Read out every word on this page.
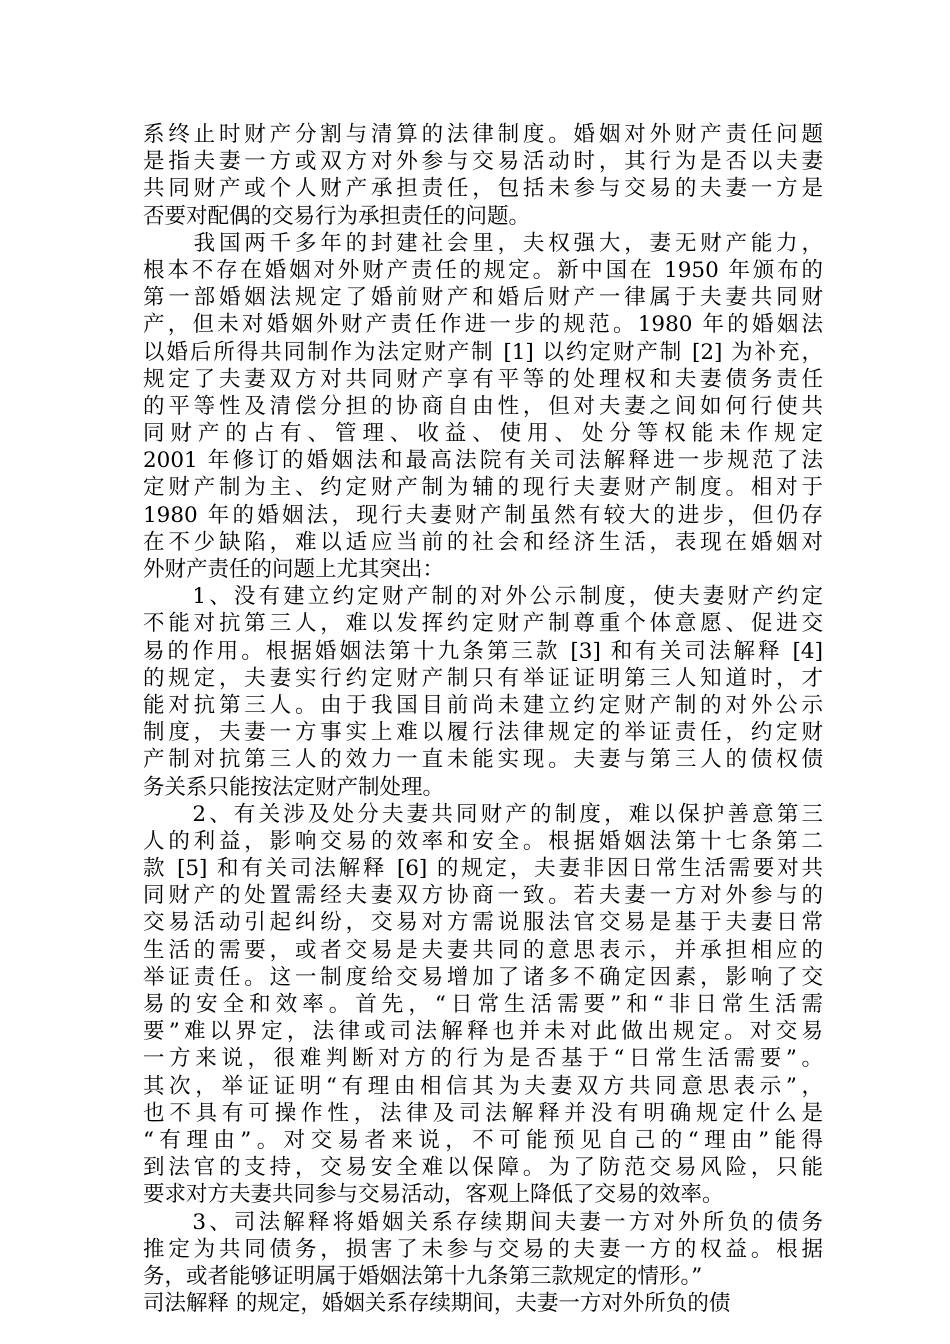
系终止时财产分割与清算的法律制度。婚姻对外财产责任问题
是指夫妻一方或双方对外参与交易活动时，其行为是否以夫妻
共同财产或个人财产承担责任，包括未参与交易的夫妻一方是
否要对配偶的交易行为承担责任的问题。
　　我国两千多年的封建社会里，夫权强大，妻无财产能力，
根本不存在婚姻对外财产责任的规定。新中国在 1950 年颁布的
第一部婚姻法规定了婚前财产和婚后财产一律属于夫妻共同财
产，但未对婚姻外财产责任作进一步的规范。1980 年的婚姻法
以婚后所得共同制作为法定财产制 [1] 以约定财产制 [2] 为补充，
规定了夫妻双方对共同财产享有平等的处理权和夫妻债务责任
的平等性及清偿分担的协商自由性，但对夫妻之间如何行使共
同财产的占有、管理、收益、使用、处分等权能未作规定
2001 年修订的婚姻法和最高法院有关司法解释进一步规范了法
定财产制为主、约定财产制为辅的现行夫妻财产制度。相对于
1980 年的婚姻法，现行夫妻财产制虽然有较大的进步，但仍存
在不少缺陷，难以适应当前的社会和经济生活，表现在婚姻对
外财产责任的问题上尤其突出：
　　1、没有建立约定财产制的对外公示制度，使夫妻财产约定
不能对抗第三人，难以发挥约定财产制尊重个体意愿、促进交
易的作用。根据婚姻法第十九条第三款 [3] 和有关司法解释 [4]
的规定，夫妻实行约定财产制只有举证证明第三人知道时，才
能对抗第三人。由于我国目前尚未建立约定财产制的对外公示
制度，夫妻一方事实上难以履行法律规定的举证责任，约定财
产制对抗第三人的效力一直未能实现。夫妻与第三人的债权债
务关系只能按法定财产制处理。
　　2、有关涉及处分夫妻共同财产的制度，难以保护善意第三
人的利益，影响交易的效率和安全。根据婚姻法第十七条第二
款 [5] 和有关司法解释 [6] 的规定，夫妻非因日常生活需要对共
同财产的处置需经夫妻双方协商一致。若夫妻一方对外参与的
交易活动引起纠纷，交易对方需说服法官交易是基于夫妻日常
生活的需要，或者交易是夫妻共同的意思表示，并承担相应的
举证责任。这一制度给交易增加了诸多不确定因素，影响了交
易的安全和效率。首先，“日常生活需要”和“非日常生活需
要”难以界定，法律或司法解释也并未对此做出规定。对交易
一方来说，很难判断对方的行为是否基于“日常生活需要”。
其次，举证证明“有理由相信其为夫妻双方共同意思表示”，
也不具有可操作性，法律及司法解释并没有明确规定什么是
“有理由”。对交易者来说，不可能预见自己的“理由”能得
到法官的支持，交易安全难以保障。为了防范交易风险，只能
要求对方夫妻共同参与交易活动，客观上降低了交易的效率。
　　3、司法解释将婚姻关系存续期间夫妻一方对外所负的债务
推定为共同债务，损害了未参与交易的夫妻一方的权益。根据
务，或者能够证明属于婚姻法第十九条第三款规定的情形。”
司法解释 的规定，婚姻关系存续期间，夫妻一方对外所负的债
